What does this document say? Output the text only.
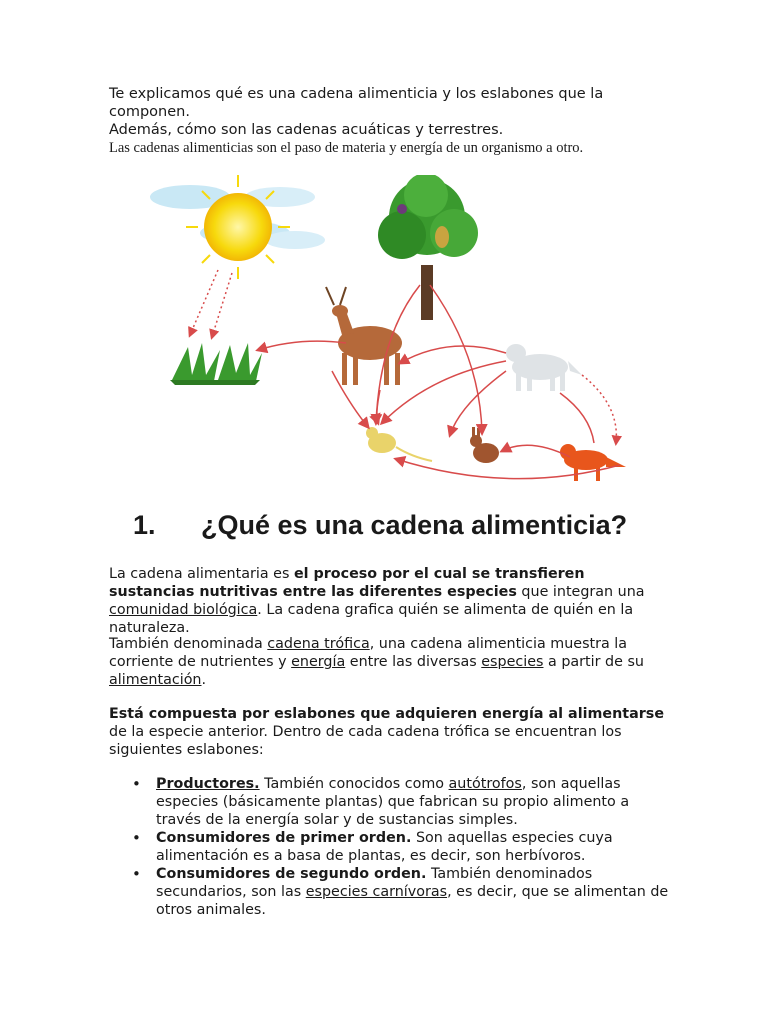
Te explicamos qué es una cadena alimenticia y los eslabones que la componen.
Además, cómo son las cadenas acuáticas y terrestres.
Las cadenas alimenticias son el paso de materia y energía de un organismo a otro.
1. ¿Qué es una cadena alimenticia?
La cadena alimentaria es el proceso por el cual se transfieren sustancias nutritivas entre las diferentes especies que integran una comunidad biológica. La cadena grafica quién se alimenta de quién en la naturaleza.
También denominada cadena trófica, una cadena alimenticia muestra la corriente de nutrientes y energía entre las diversas especies a partir de su alimentación.
Está compuesta por eslabones que adquieren energía al alimentarse de la especie anterior. Dentro de cada cadena trófica se encuentran los siguientes eslabones:
• Productores. También conocidos como autótrofos, son aquellas especies (básicamente plantas) que fabrican su propio alimento a través de la energía solar y de sustancias simples.
• Consumidores de primer orden. Son aquellas especies cuya alimentación es a basa de plantas, es decir, son herbívoros.
• Consumidores de segundo orden. También denominados secundarios, son las especies carnívoras, es decir, que se alimentan de otros animales.
